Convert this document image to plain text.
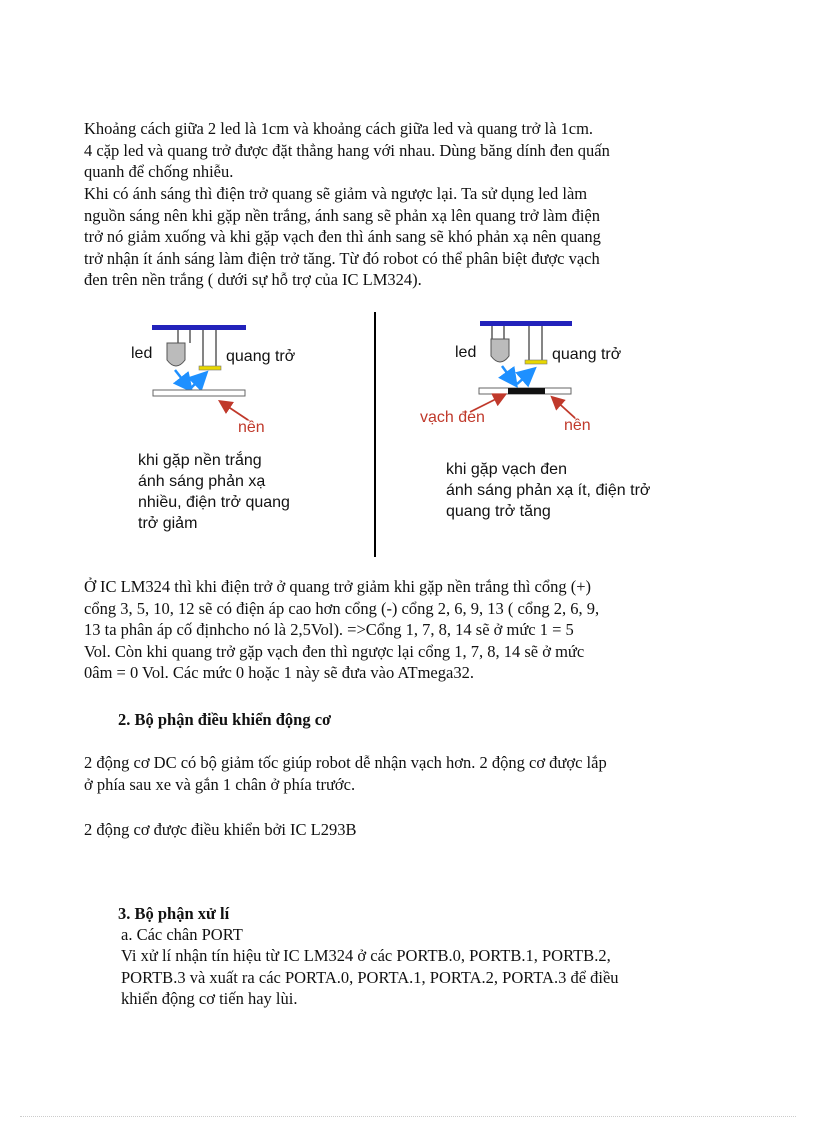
Khoảng cách giữa 2 led là 1cm và khoảng cách giữa led và quang trở là 1cm.
4 cặp led và quang trở được đặt thẳng hang với nhau. Dùng băng dính đen quấn
quanh để chống nhiễu.
Khi có ánh sáng thì điện trở quang sẽ giảm và ngược lại. Ta sử dụng led làm
nguồn sáng nên khi gặp nền trắng, ánh sang sẽ phản xạ lên quang trở làm điện
trở nó giảm xuống và khi gặp vạch đen thì ánh sang sẽ khó phản xạ nên quang
trở nhận ít ánh sáng làm điện trở tăng. Từ đó robot có thể phân biệt được vạch
đen trên nền trắng ( dưới sự hỗ trợ của IC LM324).
led	quang trở
nền
khi gặp nền trắng
ánh sáng phản xạ
nhiều, điện trở quang
trở giảm
led	quang trở
vạch đen	nền
khi gặp vạch đen
ánh sáng phản xạ ít, điện trở
quang trở tăng
Ở IC LM324 thì khi điện trở ở quang trở giảm khi gặp nền trắng thì cổng (+)
cổng 3, 5, 10, 12 sẽ có điện áp cao hơn cổng (-) cổng 2, 6, 9, 13 ( cổng 2, 6, 9,
13 ta phân áp cố địnhcho nó là 2,5Vol). =>Cổng 1, 7, 8, 14 sẽ ở mức 1 = 5
Vol. Còn khi quang trở gặp vạch đen thì ngược lại cổng 1, 7, 8, 14 sẽ ở mức
0âm = 0 Vol. Các mức 0 hoặc 1 này sẽ đưa vào ATmega32.
2. Bộ phận điều khiển động cơ
2 động cơ DC có bộ giảm tốc giúp robot dễ nhận vạch hơn. 2 động cơ được lắp
ở phía sau xe và gắn 1 chân ở phía trước.
2 động cơ được điều khiển bởi IC L293B
3. Bộ phận xử lí
a. Các chân PORT
Vi xử lí nhận tín hiệu từ IC LM324 ở các PORTB.0, PORTB.1, PORTB.2,
PORTB.3 và xuất ra các PORTA.0, PORTA.1, PORTA.2, PORTA.3 để điều
khiển động cơ tiến hay lùi.
